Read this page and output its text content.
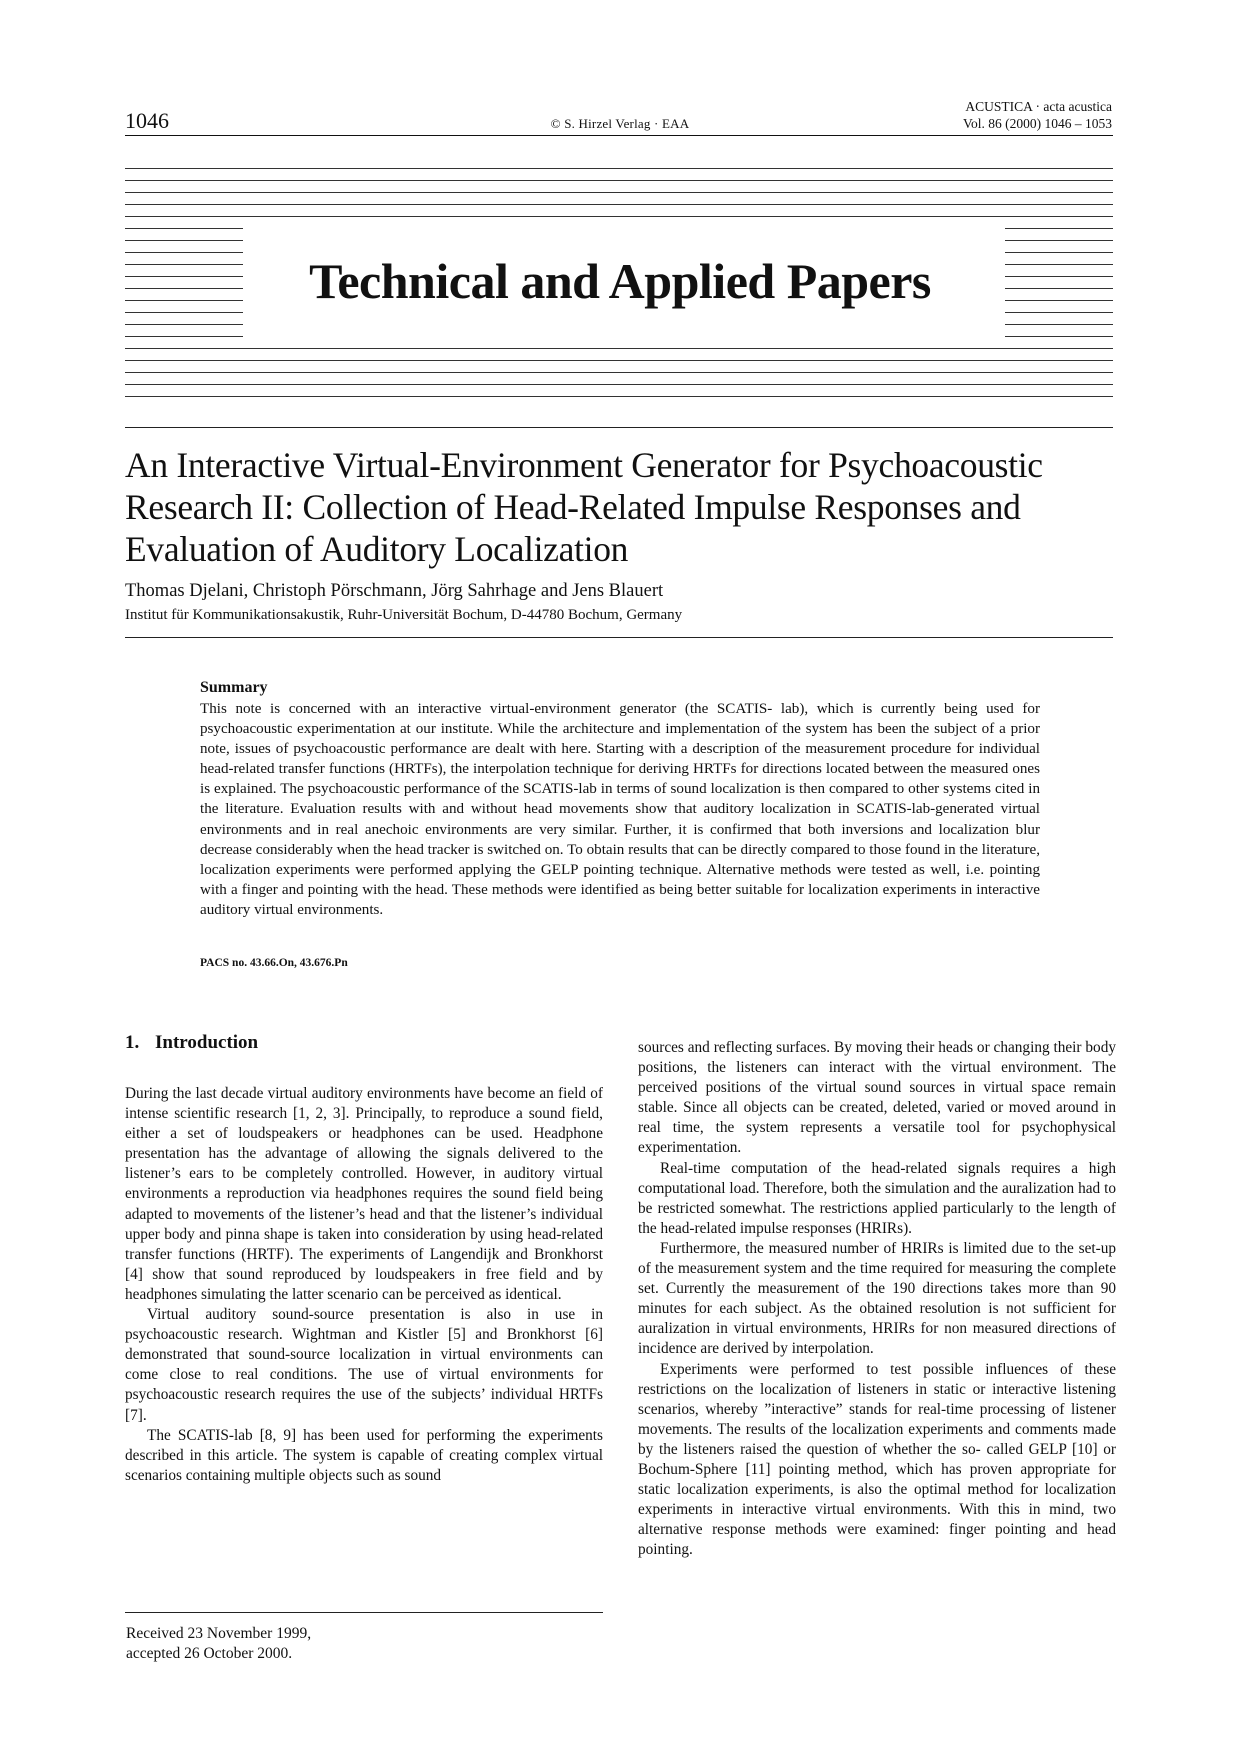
1046	© S. Hirzel Verlag · EAA
ACUSTICA · acta acustica
Vol. 86 (2000) 1046 – 1053
Technical and Applied Papers
An Interactive Virtual-Environment Generator for Psychoacoustic
Research II: Collection of Head-Related Impulse Responses and
Evaluation of Auditory Localization
Thomas Djelani, Christoph Pörschmann, Jörg Sahrhage and Jens Blauert
Institut für Kommunikationsakustik, Ruhr-Universität Bochum, D-44780 Bochum, Germany
Summary

This note is concerned with an interactive virtual-environment generator (the SCATIS- lab), which is currently being used for psychoacoustic experimentation at our institute. While the architecture and implementation of the system has been the subject of a prior note, issues of psychoacoustic performance are dealt with here. Starting with a description of the measurement procedure for individual head-related transfer functions (HRTFs), the interpolation technique for deriving HRTFs for directions located between the measured ones is explained. The psychoacoustic performance of the SCATIS-lab in terms of sound localization is then compared to other systems cited in the literature. Evaluation results with and without head movements show that auditory localization in SCATIS-lab-generated virtual environments and in real anechoic environments are very similar. Further, it is confirmed that both inversions and localization blur decrease considerably when the head tracker is switched on. To obtain results that can be directly compared to those found in the literature, localization experiments were performed applying the GELP pointing technique. Alternative methods were tested as well, i.e. pointing with a finger and pointing with the head. These methods were identified as being better suitable for localization experiments in interactive auditory virtual environments.

PACS no. 43.66.On, 43.676.Pn
1. Introduction

During the last decade virtual auditory environments have become an field of intense scientific research [1, 2, 3]. Principally, to reproduce a sound field, either a set of loudspeakers or headphones can be used. Headphone presentation has the advantage of allowing the signals delivered to the listener’s ears to be completely controlled. However, in auditory virtual environments a reproduction via headphones requires the sound field being adapted to movements of the listener’s head and that the listener’s individual upper body and pinna shape is taken into consideration by using head-related transfer functions (HRTF). The experiments of Langendijk and Bronkhorst [4] show that sound reproduced by loudspeakers in free field and by headphones simulating the latter scenario can be perceived as identical.

Virtual auditory sound-source presentation is also in use in psychoacoustic research. Wightman and Kistler [5] and Bronkhorst [6] demonstrated that sound-source localization in virtual environments can come close to real conditions. The use of virtual environments for psychoacoustic research requires the use of the subjects’ individual HRTFs [7].

The SCATIS-lab [8, 9] has been used for performing the experiments described in this article. The system is capable of creating complex virtual scenarios containing multiple objects such as sound

sources and reflecting surfaces. By moving their heads or changing their body positions, the listeners can interact with the virtual environment. The perceived positions of the virtual sound sources in virtual space remain stable. Since all objects can be created, deleted, varied or moved around in real time, the system represents a versatile tool for psychophysical experimentation.

Real-time computation of the head-related signals requires a high computational load. Therefore, both the simulation and the auralization had to be restricted somewhat. The restrictions applied particularly to the length of the head-related impulse responses (HRIRs).

Furthermore, the measured number of HRIRs is limited due to the set-up of the measurement system and the time required for measuring the complete set. Currently the measurement of the 190 directions takes more than 90 minutes for each subject. As the obtained resolution is not sufficient for auralization in virtual environments, HRIRs for non measured directions of incidence are derived by interpolation.

Experiments were performed to test possible influences of these restrictions on the localization of listeners in static or interactive listening scenarios, whereby ”interactive” stands for real-time processing of listener movements. The results of the localization experiments and comments made by the listeners raised the question of whether the so- called GELP [10] or Bochum-Sphere [11] pointing method, which has proven appropriate for static localization experiments, is also the optimal method for localization experiments in interactive virtual environments. With this in mind, two alternative response methods were examined: finger pointing and head pointing.

Received 23 November 1999,
accepted 26 October 2000.
